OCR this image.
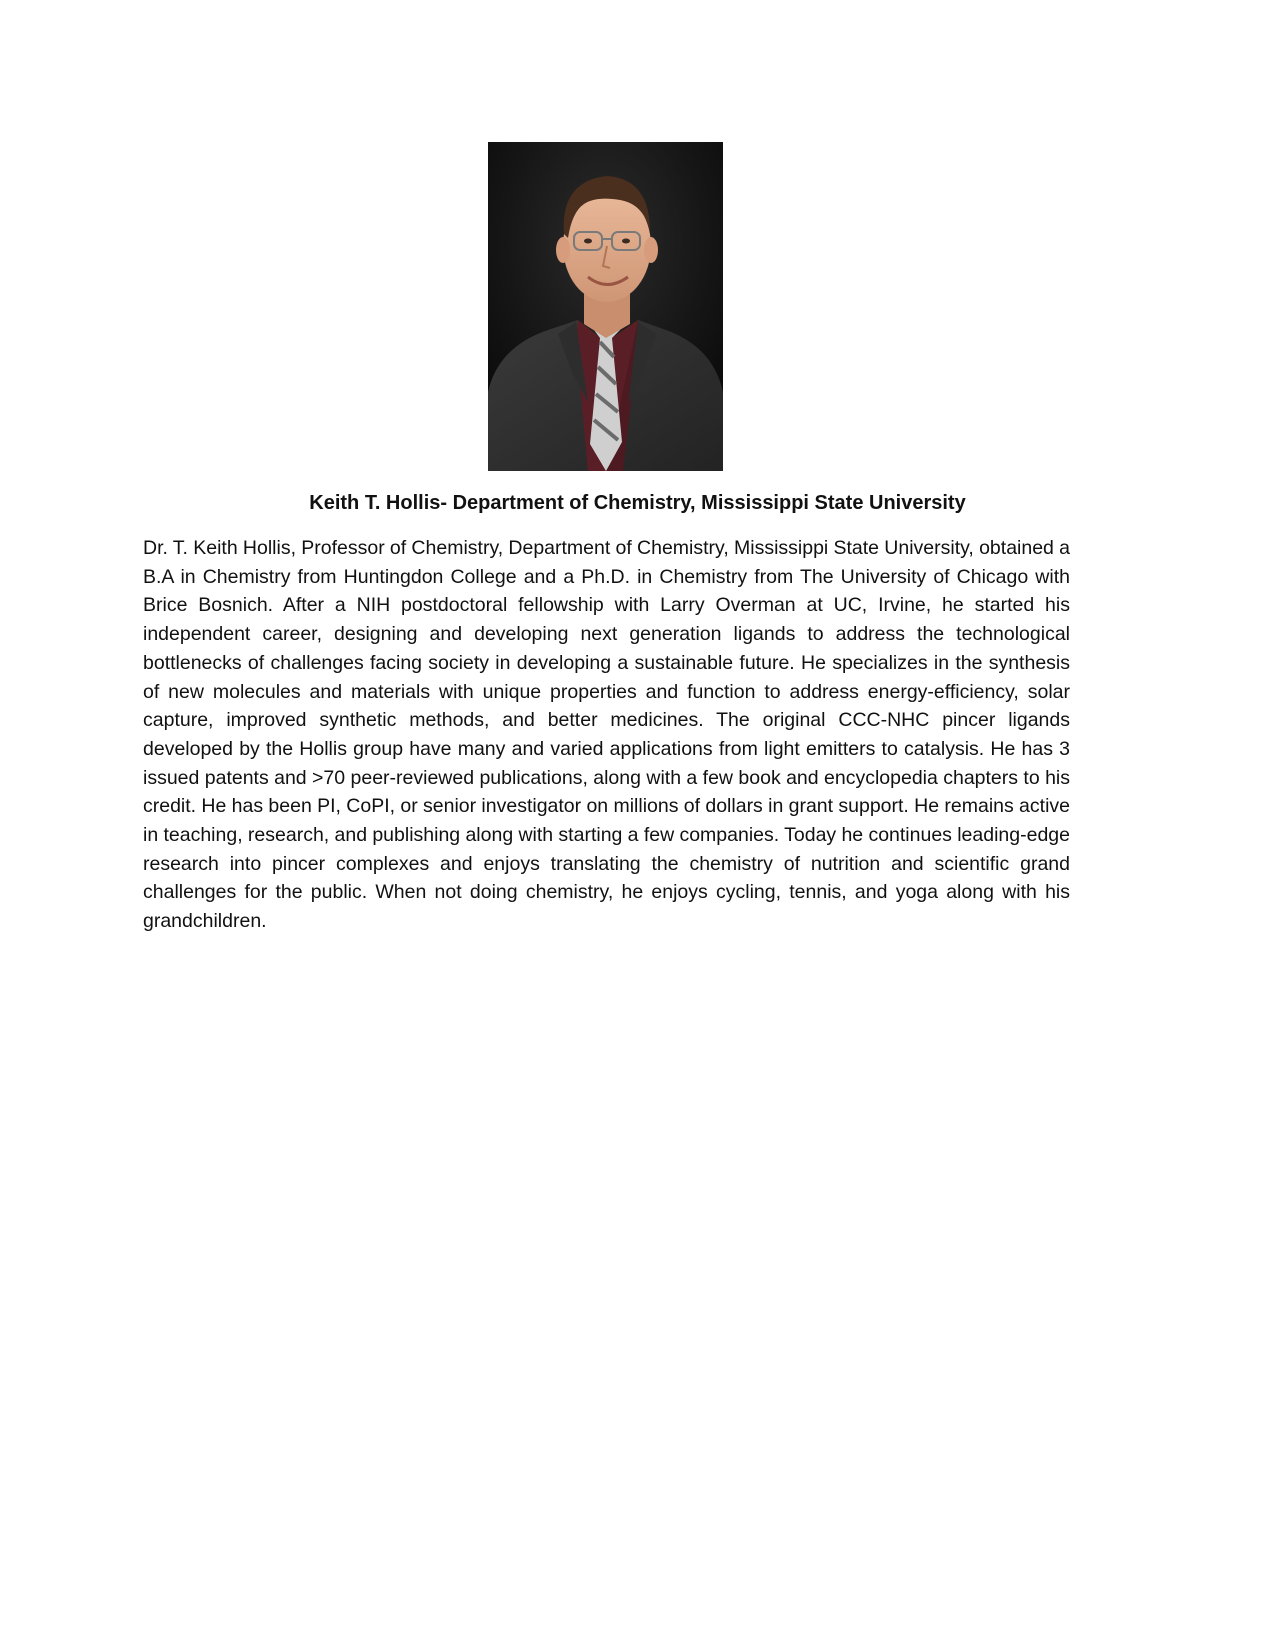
Keith T. Hollis- Department of Chemistry, Mississippi State University

Dr. T. Keith Hollis, Professor of Chemistry, Department of Chemistry, Mississippi State University, obtained a B.A in Chemistry from Huntingdon College and a Ph.D. in Chemistry from The University of Chicago with Brice Bosnich. After a NIH postdoctoral fellowship with Larry Overman at UC, Irvine, he started his independent career, designing and developing next generation ligands to address the technological bottlenecks of challenges facing society in developing a sustainable future. He specializes in the synthesis of new molecules and materials with unique properties and function to address energy-efficiency, solar capture, improved synthetic methods, and better medicines. The original CCC-NHC pincer ligands developed by the Hollis group have many and varied applications from light emitters to catalysis. He has 3 issued patents and >70 peer-reviewed publications, along with a few book and encyclopedia chapters to his credit. He has been PI, CoPI, or senior investigator on millions of dollars in grant support. He remains active in teaching, research, and publishing along with starting a few companies. Today he continues leading-edge research into pincer complexes and enjoys translating the chemistry of nutrition and scientific grand challenges for the public. When not doing chemistry, he enjoys cycling, tennis, and yoga along with his grandchildren.
